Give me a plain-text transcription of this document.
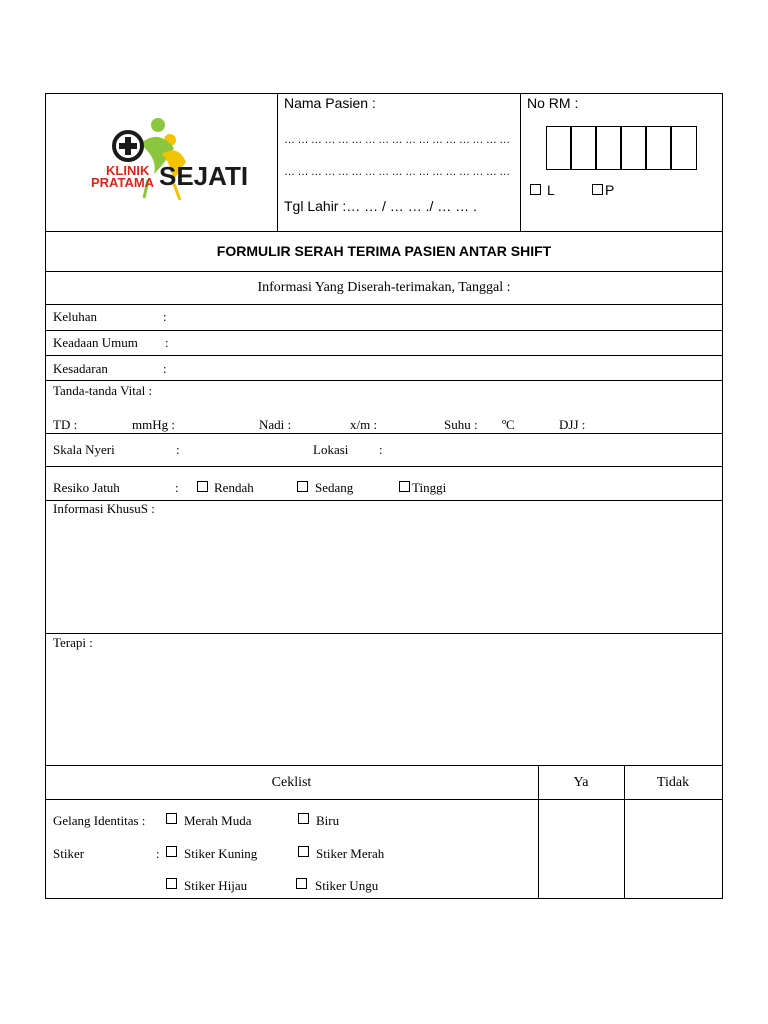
KLINIK
PRATAMA SEJATI
Nama Pasien :
… … … … … … … … … … … … … … … … …
… … … … … … … … … … … … … … … … …
Tgl Lahir :… … / … … ./ … … .
No RM :
L	P
FORMULIR SERAH TERIMA PASIEN ANTAR SHIFT
Informasi Yang Diserah-terimakan, Tanggal :
Keluhan	:
Keadaan Umum :
Kesadaran	:
Tanda-tanda Vital :
TD :	mmHg :	Nadi :	x/m :	Suhu : ºC	DJJ :
Skala Nyeri	:	Lokasi :
Resiko Jatuh	:	Rendah	Sedang	Tinggi
Informasi KhusuS :
Terapi :
Ceklist	Ya	Tidak
Gelang Identitas :	Merah Muda	Biru
Stiker	: Stiker Kuning	Stiker Merah
Stiker Hijau	Stiker Ungu
